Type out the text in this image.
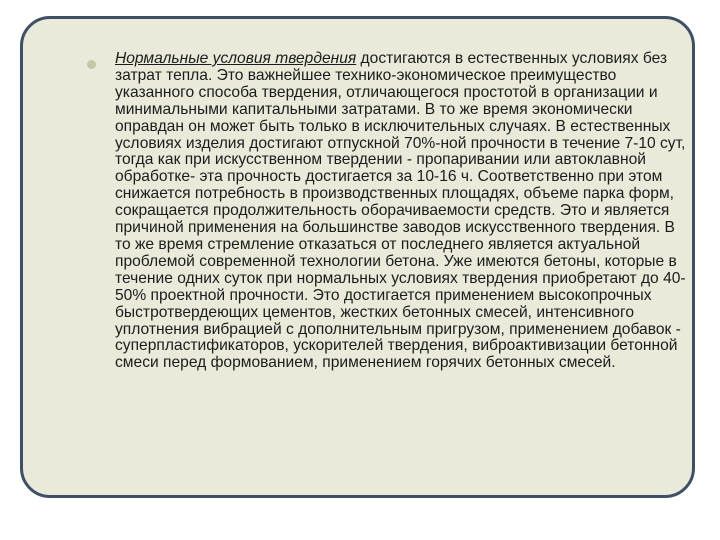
Нормальные условия твердения достигаются в естественных условиях без затрат тепла. Это важнейшее технико-экономическое преимущество указанного способа твердения, отличающегося простотой в организации и минимальными капитальными затратами. В то же время экономически оправдан он может быть только в исключительных случаях. В естественных условиях изделия достигают отпускной 70%-ной прочности в течение 7-10 сут, тогда как при искусственном твердении - пропаривании или автоклавной обработке- эта прочность достигается за 10-16 ч. Соответственно при этом снижается потребность в производственных площадях, объеме парка форм, сокращается продолжительность оборачиваемости средств. Это и является причиной применения на большинстве заводов искусственного твердения. В то же время стремление отказаться от последнего является актуальной проблемой современной технологии бетона. Уже имеются бетоны, которые в течение одних суток при нормальных условиях твердения приобретают до 40-50% проектной прочности. Это достигается применением высокопрочных быстротвердеющих цементов, жестких бетонных смесей, интенсивного уплотнения вибрацией с дополнительным пригрузом, применением добавок - суперпластификаторов, ускорителей твердения, виброактивизации бетонной смеси перед формованием, применением горячих бетонных смесей.
